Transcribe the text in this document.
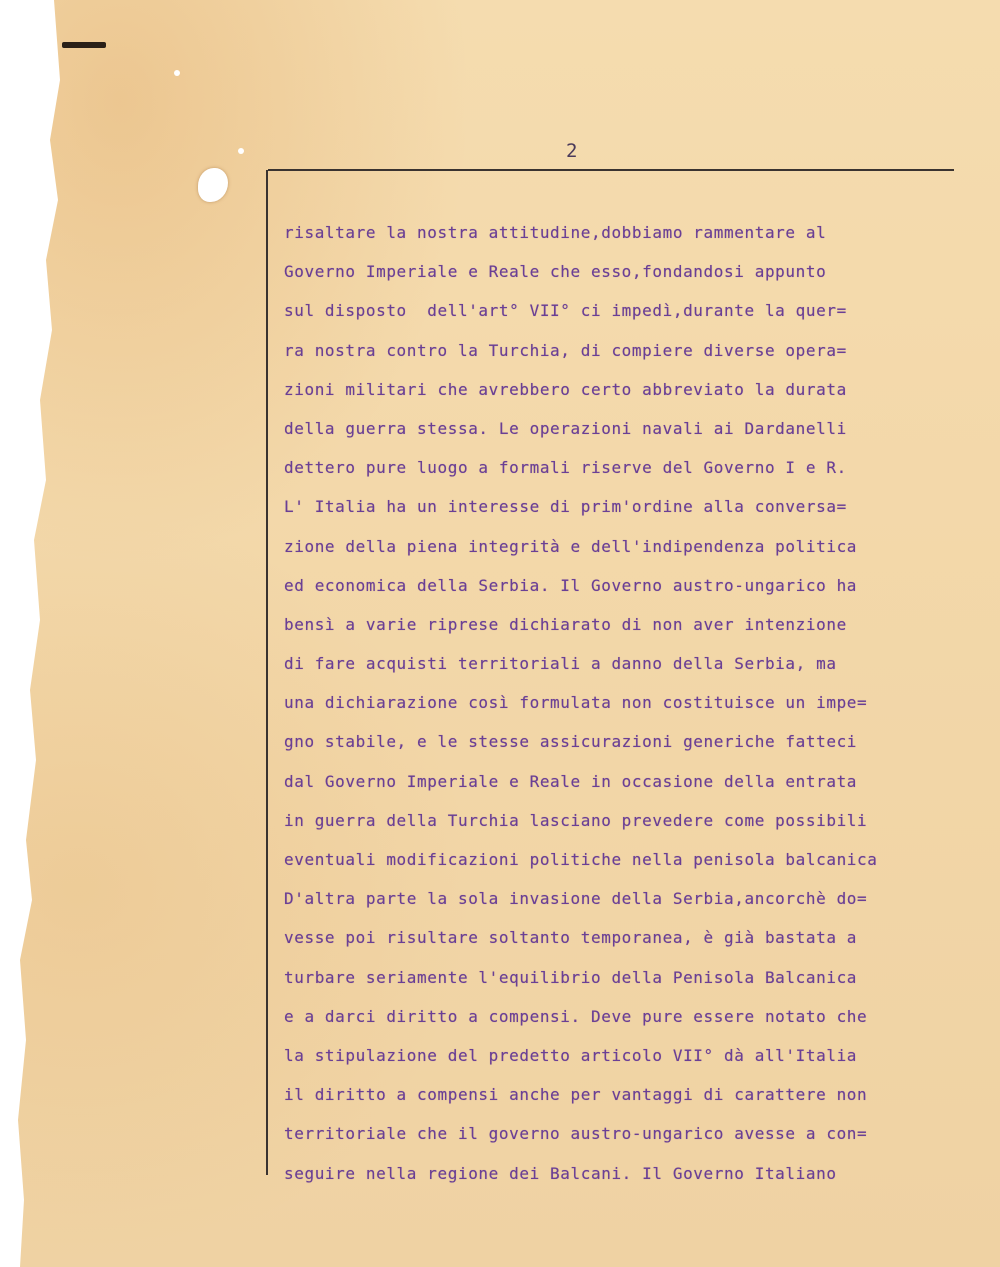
2
risaltare la nostra attitudine,dobbiamo rammentare al
Governo Imperiale e Reale che esso,fondandosi appunto
sul disposto  dell'art° VII° ci impedì,durante la quer=
ra nostra contro la Turchia, di compiere diverse opera=
zioni militari che avrebbero certo abbreviato la durata
della guerra stessa. Le operazioni navali ai Dardanelli
dettero pure luogo a formali riserve del Governo I e R.
L' Italia ha un interesse di prim'ordine alla conversa=
zione della piena integrità e dell'indipendenza politica
ed economica della Serbia. Il Governo austro-ungarico ha
bensì a varie riprese dichiarato di non aver intenzione
di fare acquisti territoriali a danno della Serbia, ma
una dichiarazione così formulata non costituisce un impe=
gno stabile, e le stesse assicurazioni generiche fatteci
dal Governo Imperiale e Reale in occasione della entrata
in guerra della Turchia lasciano prevedere come possibili
eventuali modificazioni politiche nella penisola balcanica
D'altra parte la sola invasione della Serbia,ancorchè do=
vesse poi risultare soltanto temporanea, è già bastata a
turbare seriamente l'equilibrio della Penisola Balcanica
e a darci diritto a compensi. Deve pure essere notato che
la stipulazione del predetto articolo VII° dà all'Italia
il diritto a compensi anche per vantaggi di carattere non
territoriale che il governo austro-ungarico avesse a con=
seguire nella regione dei Balcani. Il Governo Italiano
